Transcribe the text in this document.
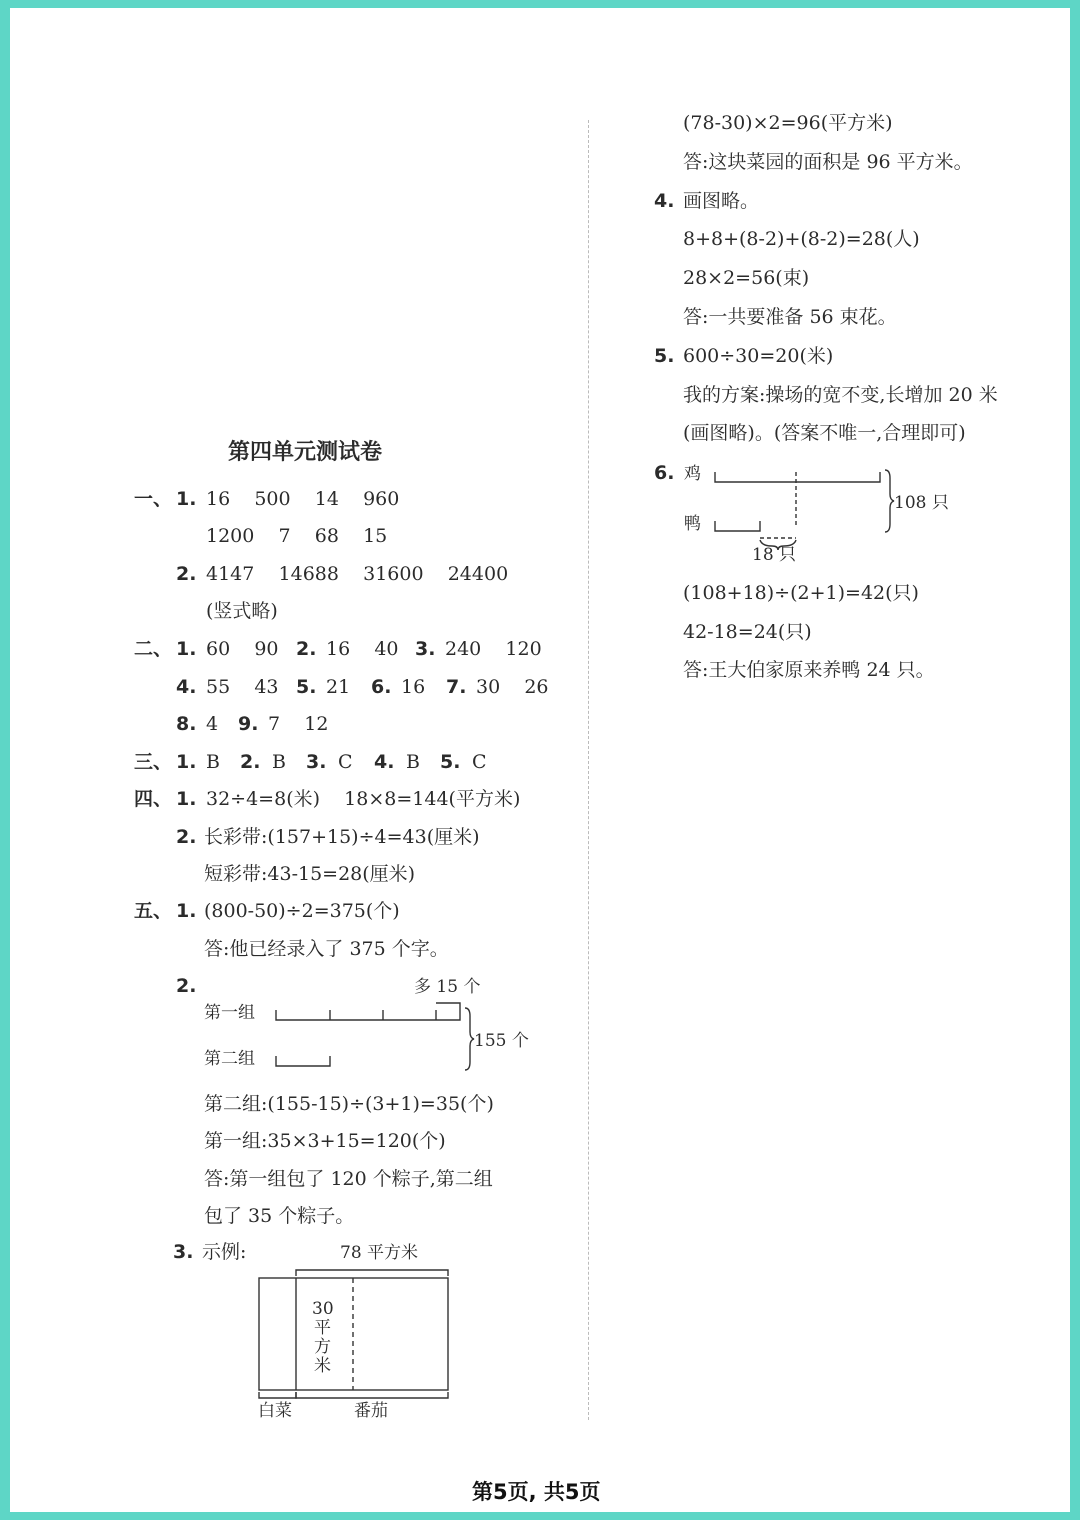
第四单元测试卷
一、 1. 16    500    14    960
1200    7    68    15
2. 4147    14688    31600    24400
(竖式略)
二、 1. 60    90 2. 16    40 3. 240    120
4. 55    43 5. 21 6. 16 7. 30    26
8. 4 9. 7    12
三、 1. B 2. B 3. C 4. B 5. C
四、 1. 32÷4=8(米)    18×8=144(平方米)
2. 长彩带:(157+15)÷4=43(厘米)
短彩带:43-15=28(厘米)
五、 1. (800-50)÷2=375(个)
答:他已经录入了 375 个字。
2.	多 15 个
第一组
第二组
155 个
第二组:(155-15)÷(3+1)=35(个)
第一组:35×3+15=120(个)
答:第一组包了 120 个粽子,第二组
包了 35 个粽子。
3. 示例:	78 平方米
30
平
方
米
白菜	番茄
(78-30)×2=96(平方米)
答:这块菜园的面积是 96 平方米。
4. 画图略。
8+8+(8-2)+(8-2)=28(人)
28×2=56(束)
答:一共要准备 56 束花。
5. 600÷30=20(米)
我的方案:操场的宽不变,长增加 20 米
(画图略)。(答案不唯一,合理即可)
6. 鸡
鸭
108 只
18 只
(108+18)÷(2+1)=42(只)
42-18=24(只)
答:王大伯家原来养鸭 24 只。
第5页, 共5页
